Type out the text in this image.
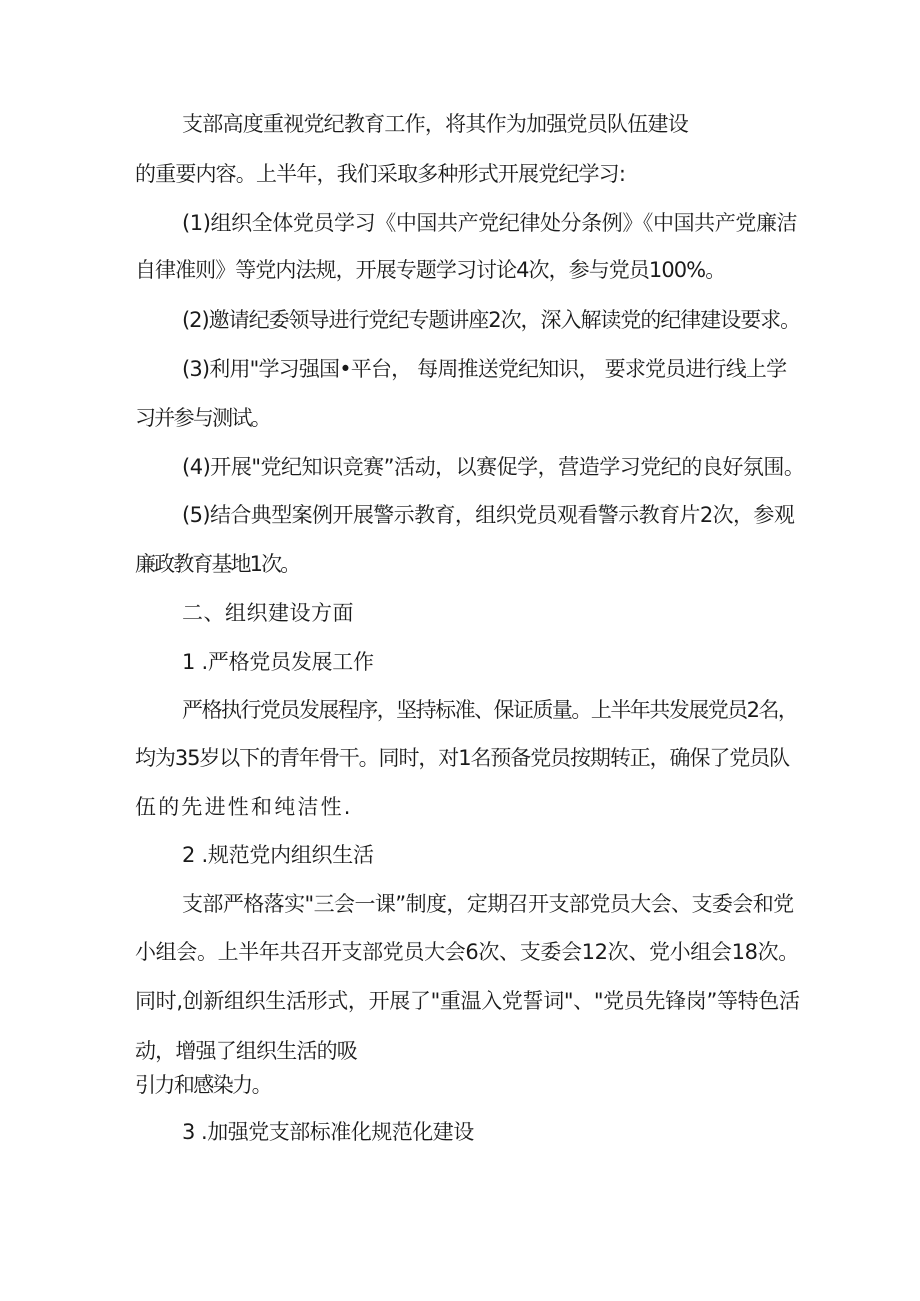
支部高度重视党纪教育工作，将其作为加强党员队伍建设
的重要内容。上半年，我们采取多种形式开展党纪学习:
(1)组织全体党员学习《中国共产党纪律处分条例》《中国共产党廉洁
自律准则》等党内法规，开展专题学习讨论4次，参与党员100%。
(2)邀请纪委领导进行党纪专题讲座2次，深入解读党的纪律建设要求。
(3)利用"学习强国•平台， 每周推送党纪知识， 要求党员进行线上学
习并参与测试。
(4)开展"党纪知识竞赛”活动，以赛促学，营造学习党纪的良好氛围。
(5)结合典型案例开展警示教育，组织党员观看警示教育片2次，参观
廉政教育基地1次。
二、组织建设方面
1 .严格党员发展工作
严格执行党员发展程序，坚持标准、保证质量。上半年共发展党员2名，
均为35岁以下的青年骨干。同时，对1名预备党员按期转正，确保了党员队
伍的先进性和纯洁性.
2 .规范党内组织生活
支部严格落实"三会一课”制度，定期召开支部党员大会、支委会和党
小组会。上半年共召开支部党员大会6次、支委会12次、党小组会18次。
同时,创新组织生活形式，开展了"重温入党誓词"、"党员先锋岗”等特色活
动，增强了组织生活的吸
引力和感染力。
3 .加强党支部标准化规范化建设
